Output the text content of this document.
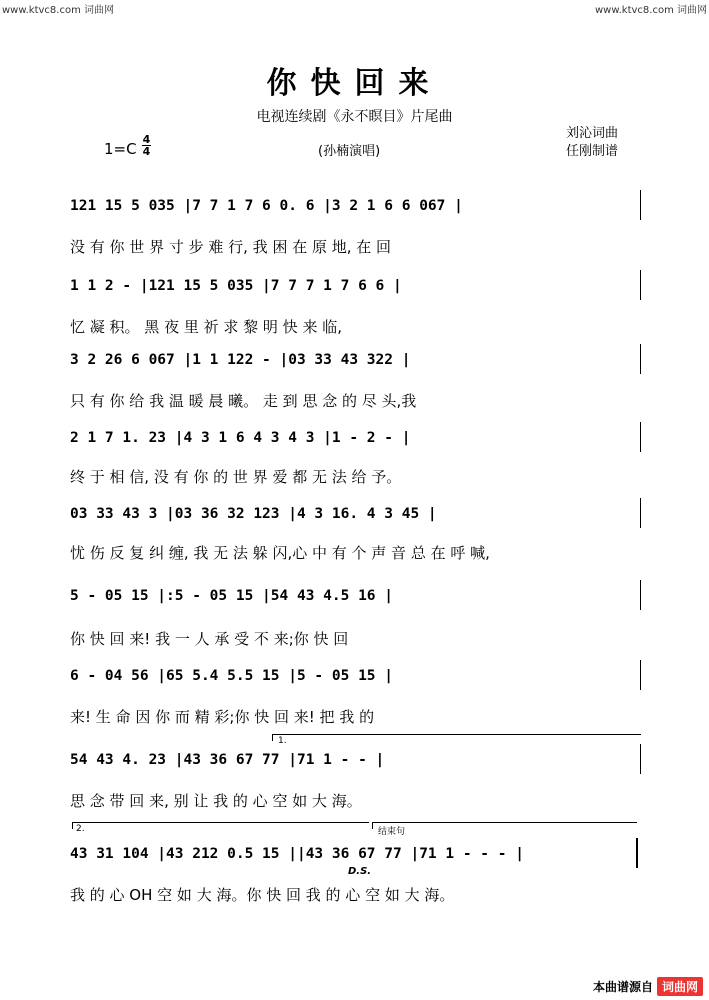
www.ktvc8.com 词曲网	www.ktvc8.com 词曲网
你快回来
电视连续剧《永不瞑目》片尾曲
刘沁词曲
任刚制谱
1=C
4
4	(孙楠演唱)
121 15 5 035 |7 7 1 7 6 0. 6 |3 2 1 6 6 067 |
没 有 你 世 界 寸 步 难 行, 我 困 在 原 地, 在 回
1 1 2 - |121 15 5 035 |7 7 7 1 7 6 6 |
忆 凝 积。 黑 夜 里 祈 求 黎 明 快 来 临,
3 2 26 6 067 |1 1 122 - |03 33 43 322 |
只 有 你 给 我 温 暖 晨 曦。 走 到 思 念 的 尽 头,我
2 1 7 1. 23 |4 3 1 6 4 3 4 3 |1 - 2 - |
终 于 相 信, 没 有 你 的 世 界 爱 都 无 法 给 予。
03 33 43 3 |03 36 32 123 |4 3 16. 4 3 45 |
忧 伤 反 复 纠 缠, 我 无 法 躲 闪,心 中 有 个 声 音 总 在 呼 喊,
5 - 05 15 |:5 - 05 15 |54 43 4.5 16 |
你 快 回 来! 我 一 人 承 受 不 来;你 快 回
6 - 04 56 |65 5.4 5.5 15 |5 - 05 15 |
来! 生 命 因 你 而 精 彩;你 快 回 来! 把 我 的
1.
54 43 4. 23 |43 36 67 77 |71 1 - - |
思 念 带 回 来, 别 让 我 的 心 空 如 大 海。
2.	结束句
43 31 104 |43 212 0.5 15 ||43 36 67 77 |71 1 - - - |
D.S.
我 的 心 OH 空 如 大 海。你 快 回 我 的 心 空 如 大 海。
本曲谱源自 词曲网
